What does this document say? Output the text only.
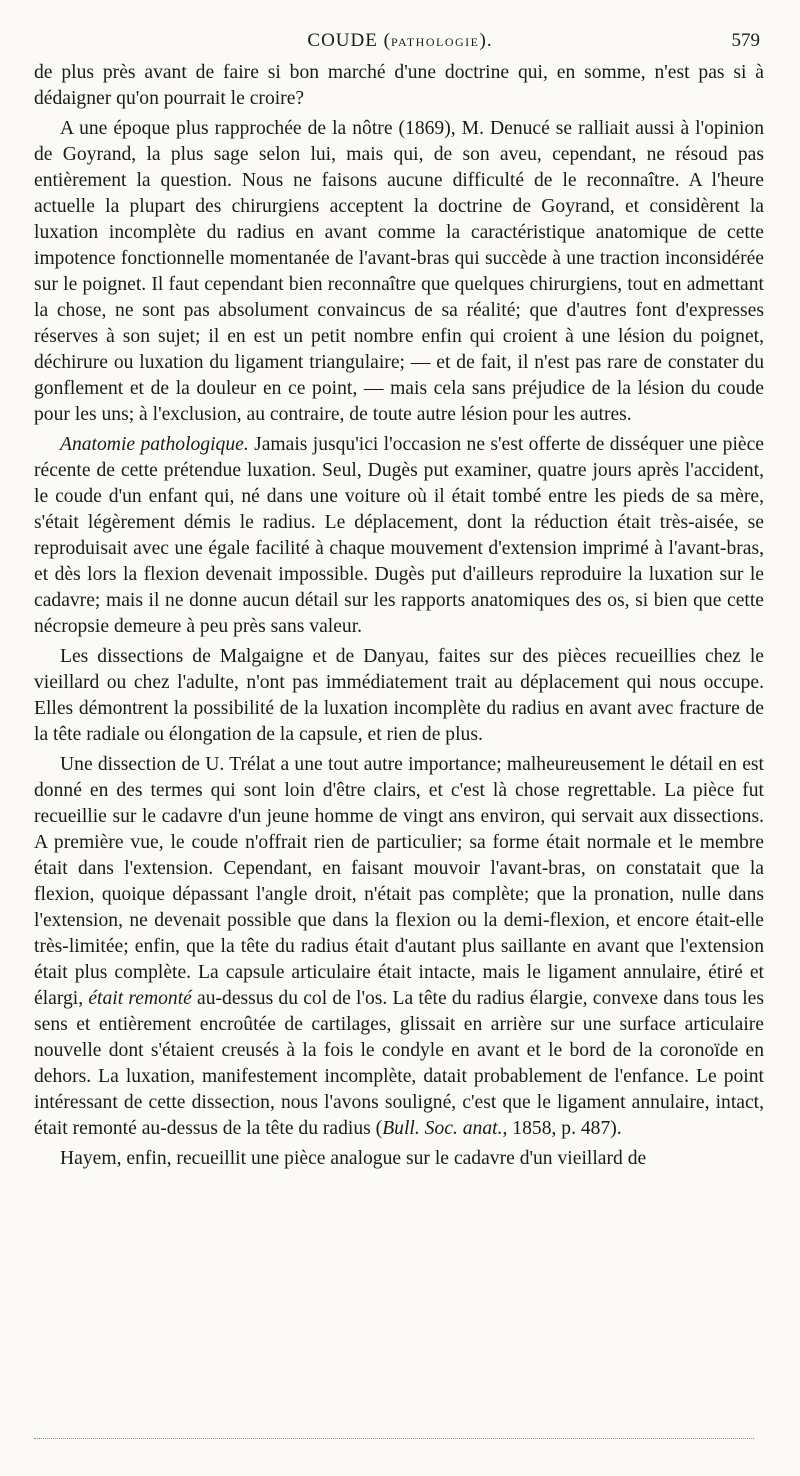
COUDE (PATHOLOGIE).	579

de plus près avant de faire si bon marché d'une doctrine qui, en somme, n'est pas si à dédaigner qu'on pourrait le croire?

A une époque plus rapprochée de la nôtre (1869), M. Denucé se ralliait aussi à l'opinion de Goyrand, la plus sage selon lui, mais qui, de son aveu, cependant, ne résoud pas entièrement la question. Nous ne faisons aucune difficulté de le reconnaître. A l'heure actuelle la plupart des chirurgiens acceptent la doctrine de Goyrand, et considèrent la luxation incomplète du radius en avant comme la caractéristique anatomique de cette impotence fonctionnelle momentanée de l'avant-bras qui succède à une traction inconsidérée sur le poignet. Il faut cependant bien reconnaître que quelques chirurgiens, tout en admettant la chose, ne sont pas absolument convaincus de sa réalité; que d'autres font d'expresses réserves à son sujet; il en est un petit nombre enfin qui croient à une lésion du poignet, déchirure ou luxation du ligament triangulaire; — et de fait, il n'est pas rare de constater du gonflement et de la douleur en ce point, — mais cela sans préjudice de la lésion du coude pour les uns; à l'exclusion, au contraire, de toute autre lésion pour les autres.

Anatomie pathologique. Jamais jusqu'ici l'occasion ne s'est offerte de disséquer une pièce récente de cette prétendue luxation. Seul, Dugès put examiner, quatre jours après l'accident, le coude d'un enfant qui, né dans une voiture où il était tombé entre les pieds de sa mère, s'était légèrement démis le radius. Le déplacement, dont la réduction était très-aisée, se reproduisait avec une égale facilité à chaque mouvement d'extension imprimé à l'avant-bras, et dès lors la flexion devenait impossible. Dugès put d'ailleurs reproduire la luxation sur le cadavre; mais il ne donne aucun détail sur les rapports anatomiques des os, si bien que cette nécropsie demeure à peu près sans valeur.

Les dissections de Malgaigne et de Danyau, faites sur des pièces recueillies chez le vieillard ou chez l'adulte, n'ont pas immédiatement trait au déplacement qui nous occupe. Elles démontrent la possibilité de la luxation incomplète du radius en avant avec fracture de la tête radiale ou élongation de la capsule, et rien de plus.

Une dissection de U. Trélat a une tout autre importance; malheureusement le détail en est donné en des termes qui sont loin d'être clairs, et c'est là chose regrettable. La pièce fut recueillie sur le cadavre d'un jeune homme de vingt ans environ, qui servait aux dissections. A première vue, le coude n'offrait rien de particulier; sa forme était normale et le membre était dans l'extension. Cependant, en faisant mouvoir l'avant-bras, on constatait que la flexion, quoique dépassant l'angle droit, n'était pas complète; que la pronation, nulle dans l'extension, ne devenait possible que dans la flexion ou la demi-flexion, et encore était-elle très-limitée; enfin, que la tête du radius était d'autant plus saillante en avant que l'extension était plus complète. La capsule articulaire était intacte, mais le ligament annulaire, étiré et élargi, était remonté au-dessus du col de l'os. La tête du radius élargie, convexe dans tous les sens et entièrement encroûtée de cartilages, glissait en arrière sur une surface articulaire nouvelle dont s'étaient creusés à la fois le condyle en avant et le bord de la coronoïde en dehors. La luxation, manifestement incomplète, datait probablement de l'enfance. Le point intéressant de cette dissection, nous l'avons souligné, c'est que le ligament annulaire, intact, était remonté au-dessus de la tête du radius (Bull. Soc. anat., 1858, p. 487).

Hayem, enfin, recueillit une pièce analogue sur le cadavre d'un vieillard de
